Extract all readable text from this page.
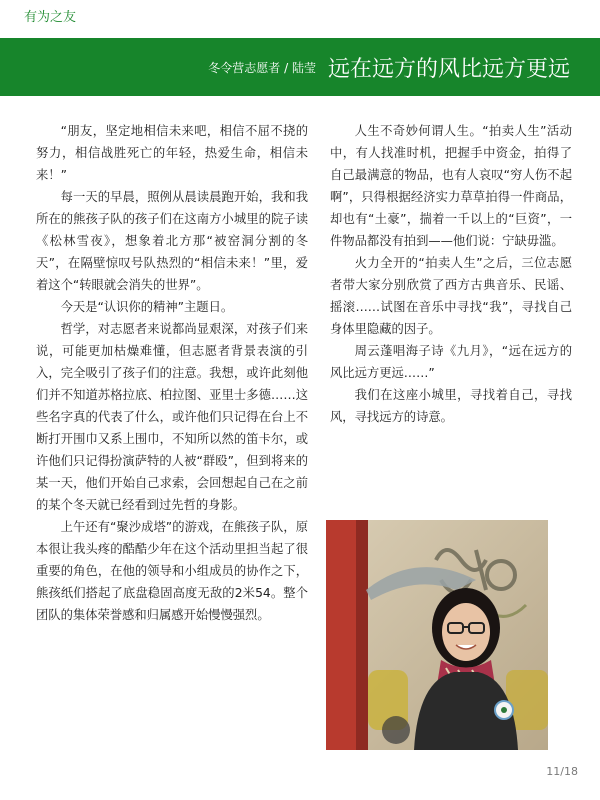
有为之友
冬令营志愿者 / 陆莹 远在远方的风比远方更远

“朋友，坚定地相信未来吧，相信不屈不挠的努力，相信战胜死亡的年轻，热爱生命，相信未来！”

每一天的早晨，照例从晨读晨跑开始，我和我所在的熊孩子队的孩子们在这南方小城里的院子读《松林雪夜》，想象着北方那“被窑洞分割的冬天”，在隔壁惊叹号队热烈的“相信未来！”里，爱着这个“转眼就会消失的世界”。

今天是“认识你的精神”主题日。

哲学，对志愿者来说都尚显艰深，对孩子们来说，可能更加枯燥难懂，但志愿者背景表演的引入，完全吸引了孩子们的注意。我想，或许此刻他们并不知道苏格拉底、柏拉图、亚里士多德……这些名字真的代表了什么，或许他们只记得在台上不断打开围巾又系上围巾，不知所以然的笛卡尔，或许他们只记得扮演萨特的人被“群殴”，但到将来的某一天，他们开始自己求索，会回想起自己在之前的某个冬天就已经看到过先哲的身影。

上午还有“聚沙成塔”的游戏，在熊孩子队，原本很让我头疼的酷酷少年在这个活动里担当起了很重要的角色，在他的领导和小组成员的协作之下，熊孩纸们搭起了底盘稳固高度无敌的2米54。整个团队的集体荣誉感和归属感开始慢慢强烈。

人生不奇妙何谓人生。“拍卖人生”活动中，有人找准时机，把握手中资金，拍得了自己最满意的物品，也有人哀叹“穷人伤不起啊”，只得根据经济实力草草拍得一件商品，却也有“土豪”，揣着一千以上的“巨资”，一件物品都没有拍到——他们说：宁缺毋滥。

火力全开的“拍卖人生”之后，三位志愿者带大家分别欣赏了西方古典音乐、民谣、摇滚……试图在音乐中寻找“我”，寻找自己身体里隐藏的因子。

周云蓬唱海子诗《九月》，“远在远方的风比远方更远……”

我们在这座小城里，寻找着自己，寻找风，寻找远方的诗意。

11/18
